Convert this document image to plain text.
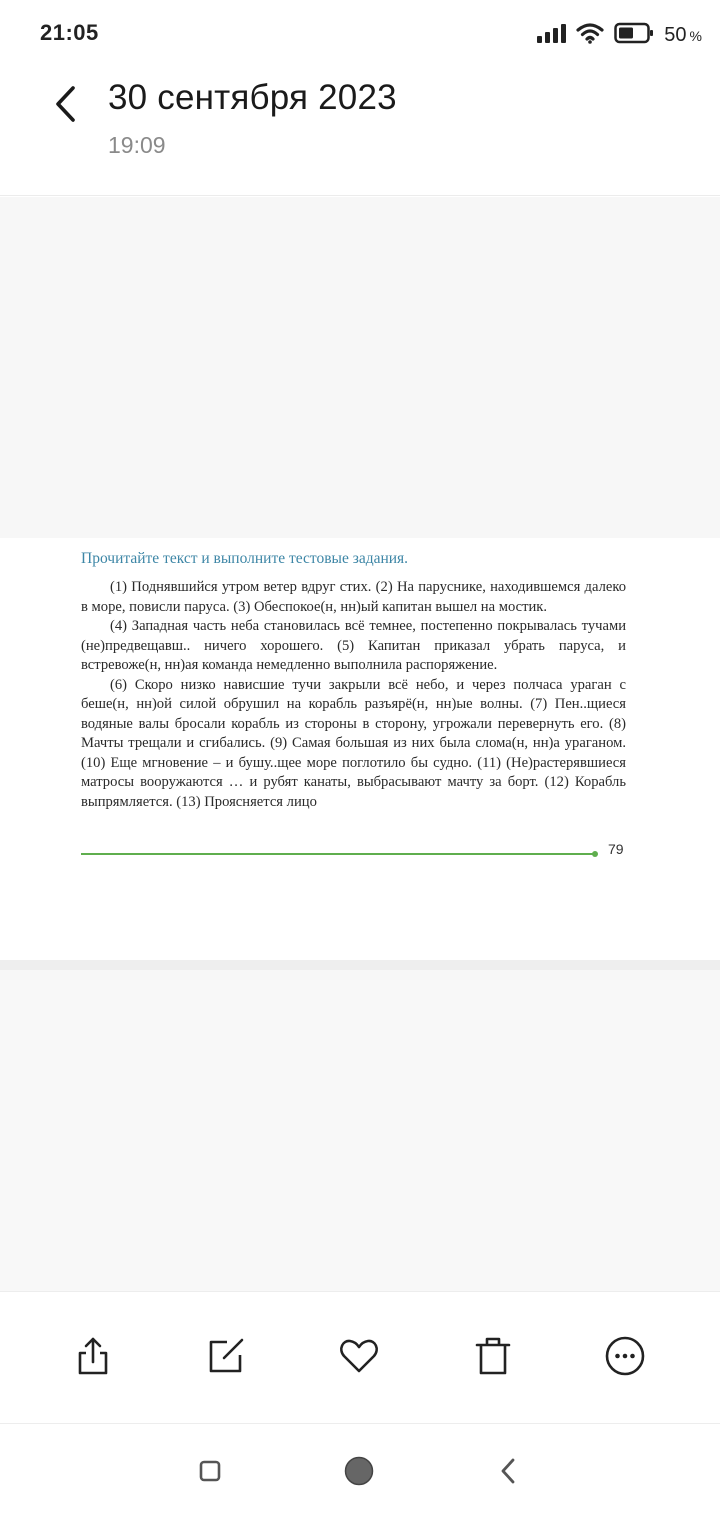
21:05	50 %
30 сентября 2023
19:09
Прочитайте текст и выполните тестовые задания.

(1) Поднявшийся утром ветер вдруг стих. (2) На паруснике, находившемся далеко в море, повисли паруса. (3) Обеспокое(н, нн)ый капитан вышел на мостик.

(4) Западная часть неба становилась всё темнее, постепенно покрывалась тучами (не)предвещавш.. ничего хорошего. (5) Капитан приказал убрать паруса, и встревоже(н, нн)ая команда немедленно выполнила распоряжение.

(6) Скоро низко нависшие тучи закрыли всё небо, и через полчаса ураган с беше(н, нн)ой силой обрушил на корабль разъярё(н, нн)ые волны. (7) Пен..щиеся водяные валы бросали корабль из стороны в сторону, угрожали перевернуть его. (8) Мачты трещали и сгибались. (9) Самая большая из них была слома(н, нн)а ураганом. (10) Еще мгновение – и бушу..щее море поглотило бы судно. (11) (Не)растерявшиеся матросы вооружаются … и рубят канаты, выбрасывают мачту за борт. (12) Корабль выпрямляется. (13) Проясняется лицо

79
